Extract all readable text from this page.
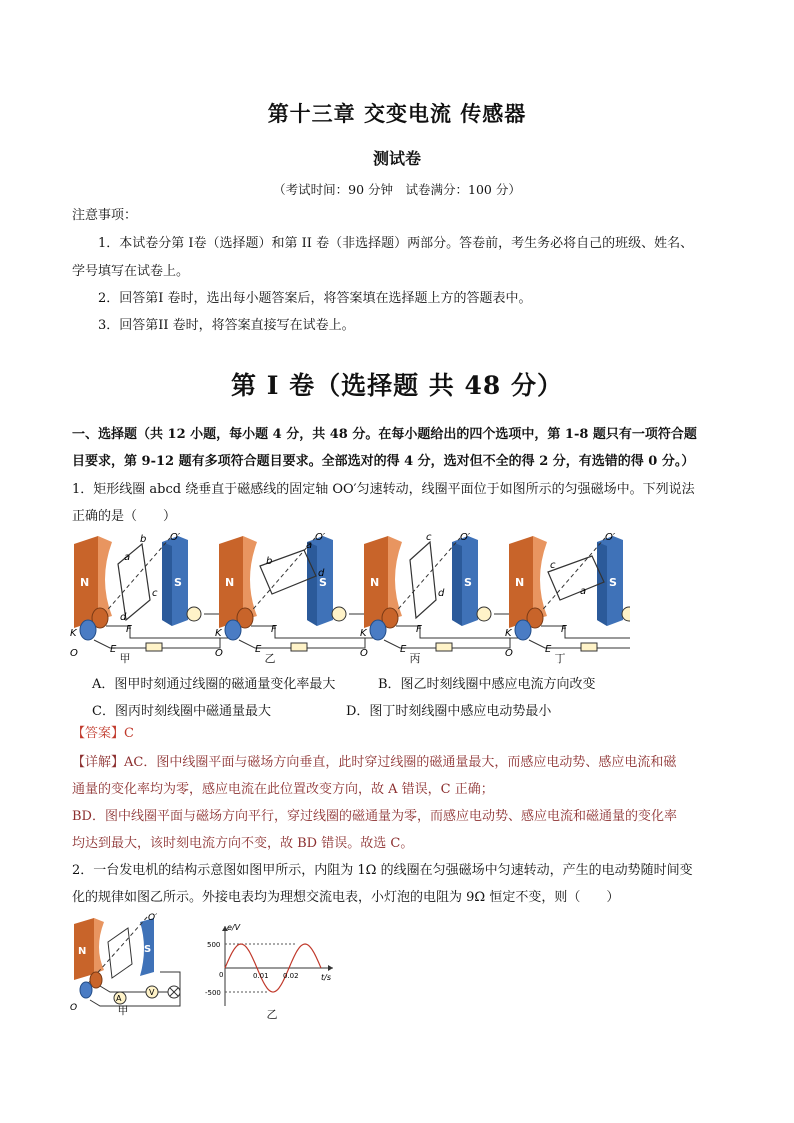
第十三章 交变电流 传感器
测试卷
（考试时间：90 分钟　试卷满分：100 分）
注意事项：
1．本试卷分第 I卷（选择题）和第 II 卷（非选择题）两部分。答卷前，考生务必将自己的班级、姓名、
学号填写在试卷上。
2．回答第I 卷时，选出每小题答案后，将答案填在选择题上方的答题表中。
3．回答第II 卷时，将答案直接写在试卷上。
第 I 卷（选择题 共 48 分）
一、选择题（共 12 小题，每小题 4 分，共 48 分。在每小题给出的四个选项中，第 1-8 题只有一项符合题
目要求，第 9-12 题有多项符合题目要求。全部选对的得 4 分，选对但不全的得 2 分，有选错的得 0 分。）
1．矩形线圈 abcd 绕垂直于磁感线的固定轴 OO′匀速转动，线圈平面位于如图所示的匀强磁场中。下列说法
正确的是（　　）
a
b
c
d
a
b
d
c
d
c
a
甲	乙	丙	丁
A．图甲时刻通过线圈的磁通量变化率最大	B．图乙时刻线圈中感应电流方向改变
C．图丙时刻线圈中磁通量最大	D．图丁时刻线圈中感应电动势最小
【答案】C
【详解】AC．图中线圈平面与磁场方向垂直，此时穿过线圈的磁通量最大，而感应电动势、感应电流和磁
通量的变化率均为零，感应电流在此位置改变方向，故 A 错误，C 正确；
BD．图中线圈平面与磁场方向平行，穿过线圈的磁通量为零，而感应电动势、感应电流和磁通量的变化率
均达到最大，该时刻电流方向不变，故 BD 错误。故选 C。
2．一台发电机的结构示意图如图甲所示，内阻为 1Ω 的线圈在匀强磁场中匀速转动，产生的电动势随时间变
化的规律如图乙所示。外接电表均为理想交流电表，小灯泡的电阻为 9Ω 恒定不变，则（　　）
N	S
A
V
O
O′
甲
e/V
t/s
500
-500
0	0.01 0.02
乙
